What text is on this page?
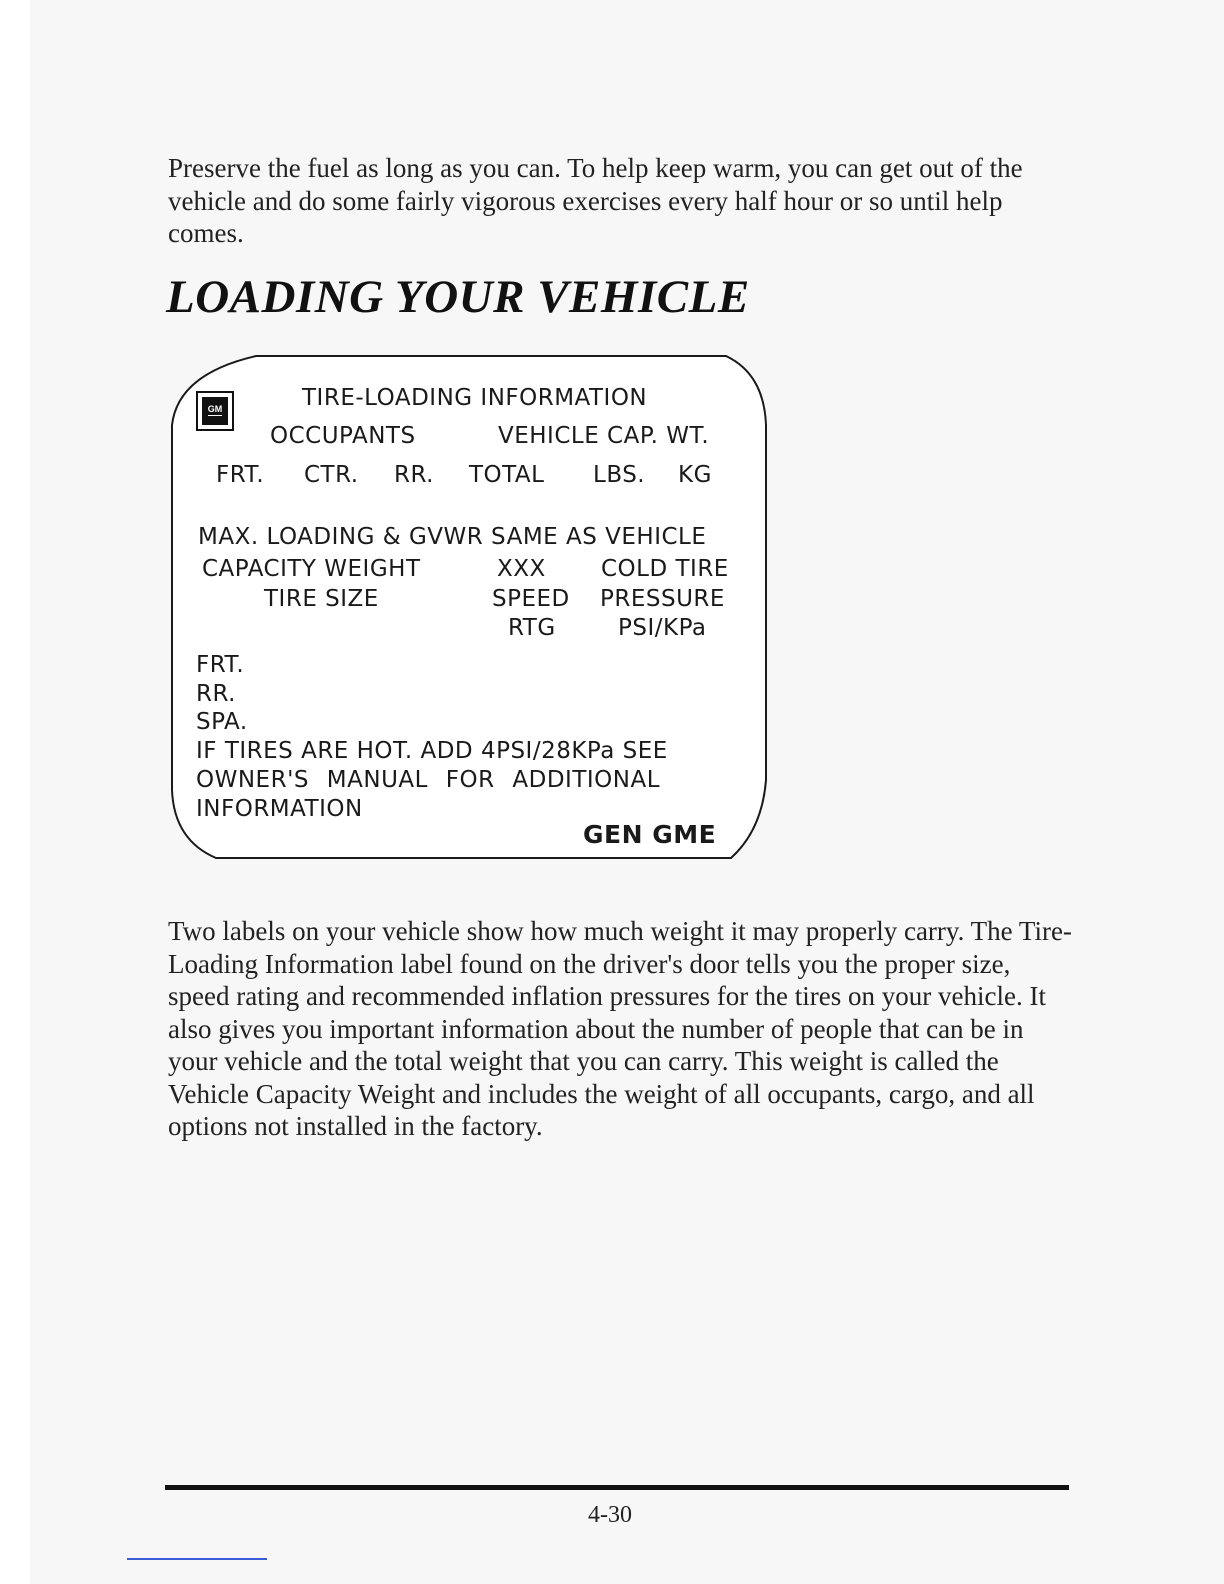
Preserve the fuel as long as you can. To help keep warm, you can get out of the vehicle and do some fairly vigorous exercises every half hour or so until help comes.

LOADING YOUR VEHICLE
GM	TIRE-LOADING INFORMATION
OCCUPANTS	VEHICLE CAP. WT.
FRT. CTR. RR. TOTAL LBS. KG
MAX. LOADING & GVWR SAME AS VEHICLE
CAPACITY WEIGHT	XXX COLD TIRE
TIRE SIZE	SPEED PRESSURE
RTG	PSI/KPa
FRT.
RR.
SPA.
IF TIRES ARE HOT. ADD 4PSI/28KPa SEE
OWNER'S MANUAL FOR ADDITIONAL
INFORMATION
GEN GME

Two labels on your vehicle show how much weight it may properly carry. The Tire-Loading Information label found on the driver's door tells you the proper size, speed rating and recommended inflation pressures for the tires on your vehicle. It also gives you important information about the number of people that can be in your vehicle and the total weight that you can carry. This weight is called the Vehicle Capacity Weight and includes the weight of all occupants, cargo, and all options not installed in the factory.

4-30
